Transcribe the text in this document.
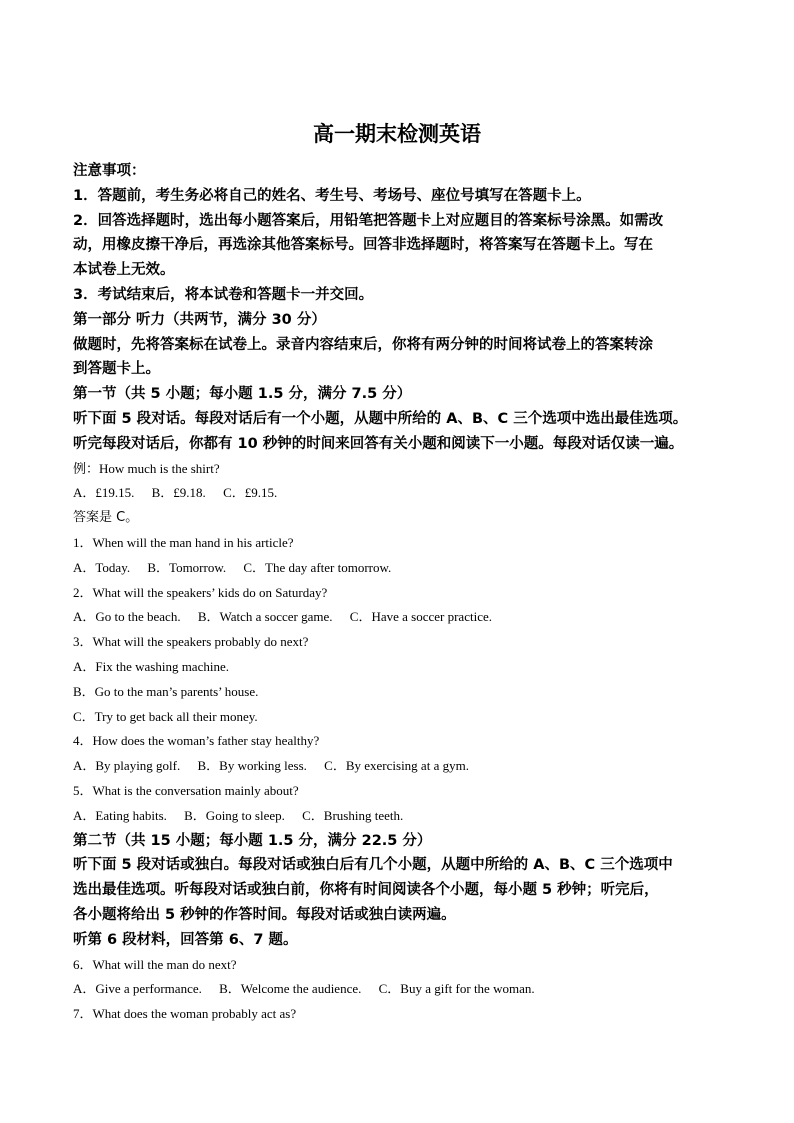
高一期末检测英语
注意事项：
1．答题前，考生务必将自己的姓名、考生号、考场号、座位号填写在答题卡上。
2．回答选择题时，选出每小题答案后，用铅笔把答题卡上对应题目的答案标号涂黑。如需改
动，用橡皮擦干净后，再选涂其他答案标号。回答非选择题时，将答案写在答题卡上。写在
本试卷上无效。
3．考试结束后，将本试卷和答题卡一并交回。
第一部分 听力（共两节，满分 30 分）
做题时，先将答案标在试卷上。录音内容结束后，你将有两分钟的时间将试卷上的答案转涂
到答题卡上。
第一节（共 5 小题；每小题 1.5 分，满分 7.5 分）
听下面 5 段对话。每段对话后有一个小题，从题中所给的 A、B、C 三个选项中选出最佳选项。
听完每段对话后，你都有 10 秒钟的时间来回答有关小题和阅读下一小题。每段对话仅读一遍。
例：How much is the shirt?
A．£19.15. B．£9.18. C．£9.15.
答案是 C。
1．When will the man hand in his article?
A．Today. B．Tomorrow. C．The day after tomorrow.
2．What will the speakers’ kids do on Saturday?
A．Go to the beach. B．Watch a soccer game. C．Have a soccer practice.
3．What will the speakers probably do next?
A．Fix the washing machine.
B．Go to the man’s parents’ house.
C．Try to get back all their money.
4．How does the woman’s father stay healthy?
A．By playing golf. B．By working less. C．By exercising at a gym.
5．What is the conversation mainly about?
A．Eating habits. B．Going to sleep. C．Brushing teeth.
第二节（共 15 小题；每小题 1.5 分，满分 22.5 分）
听下面 5 段对话或独白。每段对话或独白后有几个小题，从题中所给的 A、B、C 三个选项中
选出最佳选项。听每段对话或独白前，你将有时间阅读各个小题，每小题 5 秒钟；听完后，
各小题将给出 5 秒钟的作答时间。每段对话或独白读两遍。
听第 6 段材料，回答第 6、7 题。
6．What will the man do next?
A．Give a performance. B．Welcome the audience. C．Buy a gift for the woman.
7．What does the woman probably act as?
